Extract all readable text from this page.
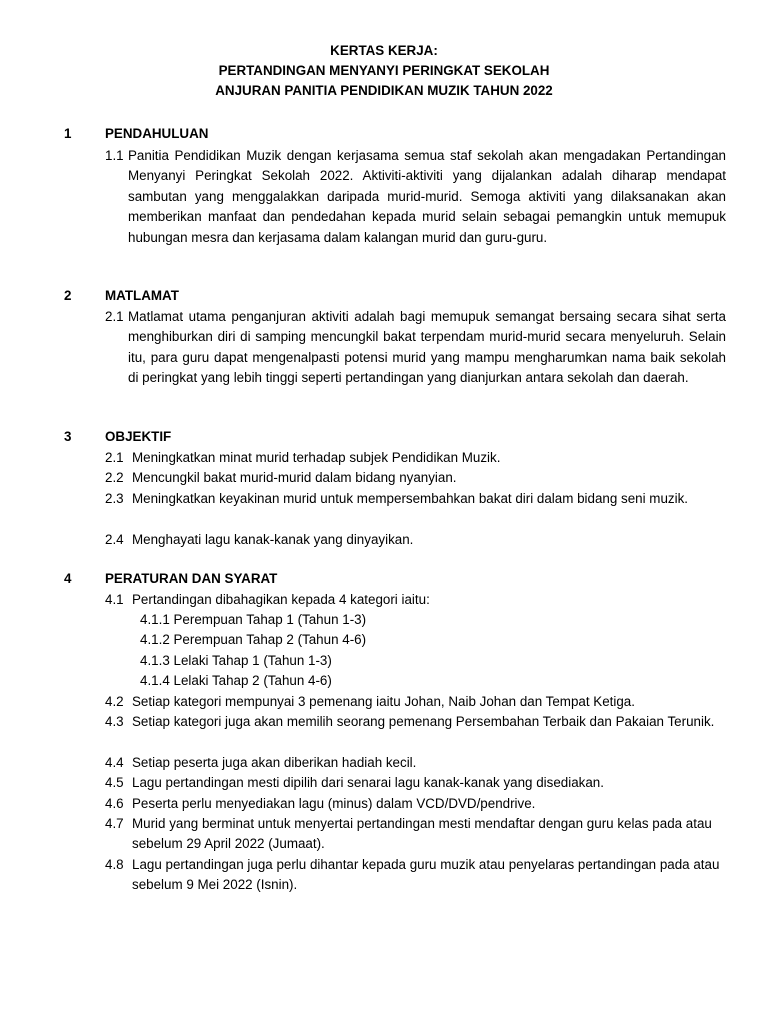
KERTAS KERJA:
PERTANDINGAN MENYANYI PERINGKAT SEKOLAH
ANJURAN PANITIA PENDIDIKAN MUZIK TAHUN 2022
1	PENDAHULUAN
1.1 Panitia Pendidikan Muzik dengan kerjasama semua staf sekolah akan mengadakan Pertandingan Menyanyi Peringkat Sekolah 2022. Aktiviti-aktiviti yang dijalankan adalah diharap mendapat sambutan yang menggalakkan daripada murid-murid. Semoga aktiviti yang dilaksanakan akan memberikan manfaat dan pendedahan kepada murid selain sebagai pemangkin untuk memupuk hubungan mesra dan kerjasama dalam kalangan murid dan guru-guru.
2	MATLAMAT
2.1 Matlamat utama penganjuran aktiviti adalah bagi memupuk semangat bersaing secara sihat serta menghiburkan diri di samping mencungkil bakat terpendam murid-murid secara menyeluruh. Selain itu, para guru dapat mengenalpasti potensi murid yang mampu mengharumkan nama baik sekolah di peringkat yang lebih tinggi seperti pertandingan yang dianjurkan antara sekolah dan daerah.
3	OBJEKTIF
2.1 Meningkatkan minat murid terhadap subjek Pendidikan Muzik.
2.2 Mencungkil bakat murid-murid dalam bidang nyanyian.
2.3 Meningkatkan keyakinan murid untuk mempersembahkan bakat diri dalam bidang seni muzik.
2.4 Menghayati lagu kanak-kanak yang dinyayikan.
4	PERATURAN DAN SYARAT
4.1 Pertandingan dibahagikan kepada 4 kategori iaitu:
4.1.1 Perempuan Tahap 1 (Tahun 1-3)
4.1.2 Perempuan Tahap 2 (Tahun 4-6)
4.1.3 Lelaki Tahap 1 (Tahun 1-3)
4.1.4 Lelaki Tahap 2 (Tahun 4-6)
4.2 Setiap kategori mempunyai 3 pemenang iaitu Johan, Naib Johan dan Tempat Ketiga.
4.3 Setiap kategori juga akan memilih seorang pemenang Persembahan Terbaik dan Pakaian Terunik.
4.4 Setiap peserta juga akan diberikan hadiah kecil.
4.5 Lagu pertandingan mesti dipilih dari senarai lagu kanak-kanak yang disediakan.
4.6 Peserta perlu menyediakan lagu (minus) dalam VCD/DVD/pendrive.
4.7 Murid yang berminat untuk menyertai pertandingan mesti mendaftar dengan guru kelas pada atau sebelum 29 April 2022 (Jumaat).
4.8 Lagu pertandingan juga perlu dihantar kepada guru muzik atau penyelaras pertandingan pada atau sebelum 9 Mei 2022 (Isnin).
